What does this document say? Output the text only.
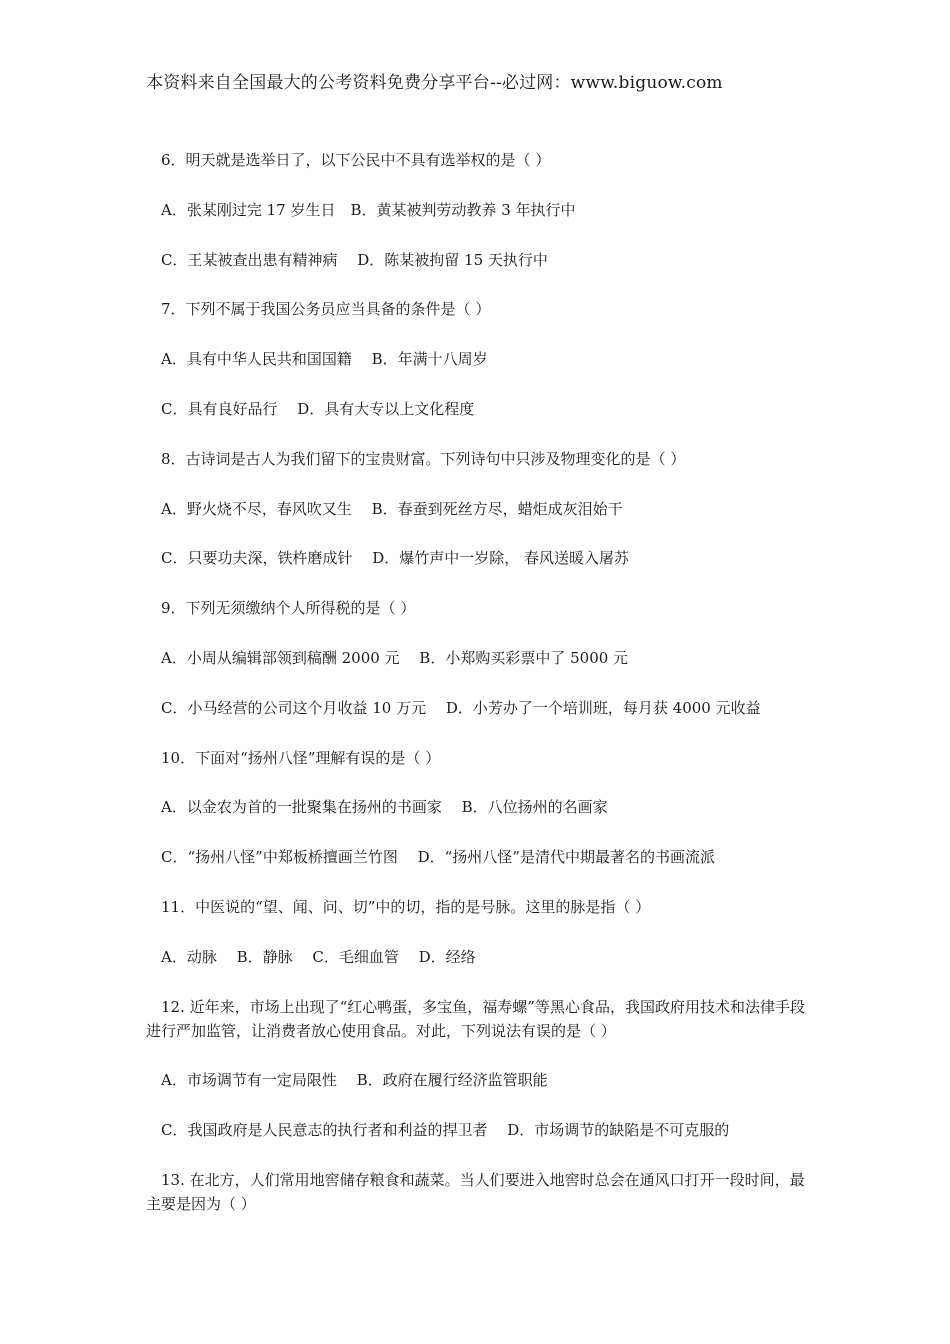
本资料来自全国最大的公考资料免费分享平台--必过网：www.biguow.com
6．明天就是选举日了，以下公民中不具有选举权的是（ ）
A．张某刚过完 17 岁生日　B．黄某被判劳动教养 3 年执行中
C．王某被查出患有精神病　 D．陈某被拘留 15 天执行中
7．下列不属于我国公务员应当具备的条件是（ ）
A．具有中华人民共和国国籍　 B．年满十八周岁
C．具有良好品行　 D．具有大专以上文化程度
8．古诗词是古人为我们留下的宝贵财富。下列诗句中只涉及物理变化的是（ ）
A．野火烧不尽，春风吹又生　 B．春蚕到死丝方尽，蜡炬成灰泪始干
C．只要功夫深，铁杵磨成针　 D．爆竹声中一岁除， 春风送暖入屠苏
9．下列无须缴纳个人所得税的是（ ）
A．小周从编辑部领到稿酬 2000 元　 B．小郑购买彩票中了 5000 元
C．小马经营的公司这个月收益 10 万元　 D．小芳办了一个培训班，每月获 4000 元收益
10．下面对“扬州八怪”理解有误的是（ ）
A．以金农为首的一批聚集在扬州的书画家　 B．八位扬州的名画家
C．“扬州八怪”中郑板桥擅画兰竹图　 D．“扬州八怪”是清代中期最著名的书画流派
11．中医说的“望、闻、问、切”中的切，指的是号脉。这里的脉是指（ ）
A．动脉　 B．静脉　 C．毛细血管　 D．经络
12. 近年来，市场上出现了“红心鸭蛋，多宝鱼，福寿螺”等黑心食品，我国政府用技术和法律手段进行严加监管，让消费者放心使用食品。对此，下列说法有误的是（ ）
A．市场调节有一定局限性　 B．政府在履行经济监管职能
C．我国政府是人民意志的执行者和利益的捍卫者　 D．市场调节的缺陷是不可克服的
13. 在北方，人们常用地窖储存粮食和蔬菜。当人们要进入地窖时总会在通风口打开一段时间，最主要是因为（ ）
